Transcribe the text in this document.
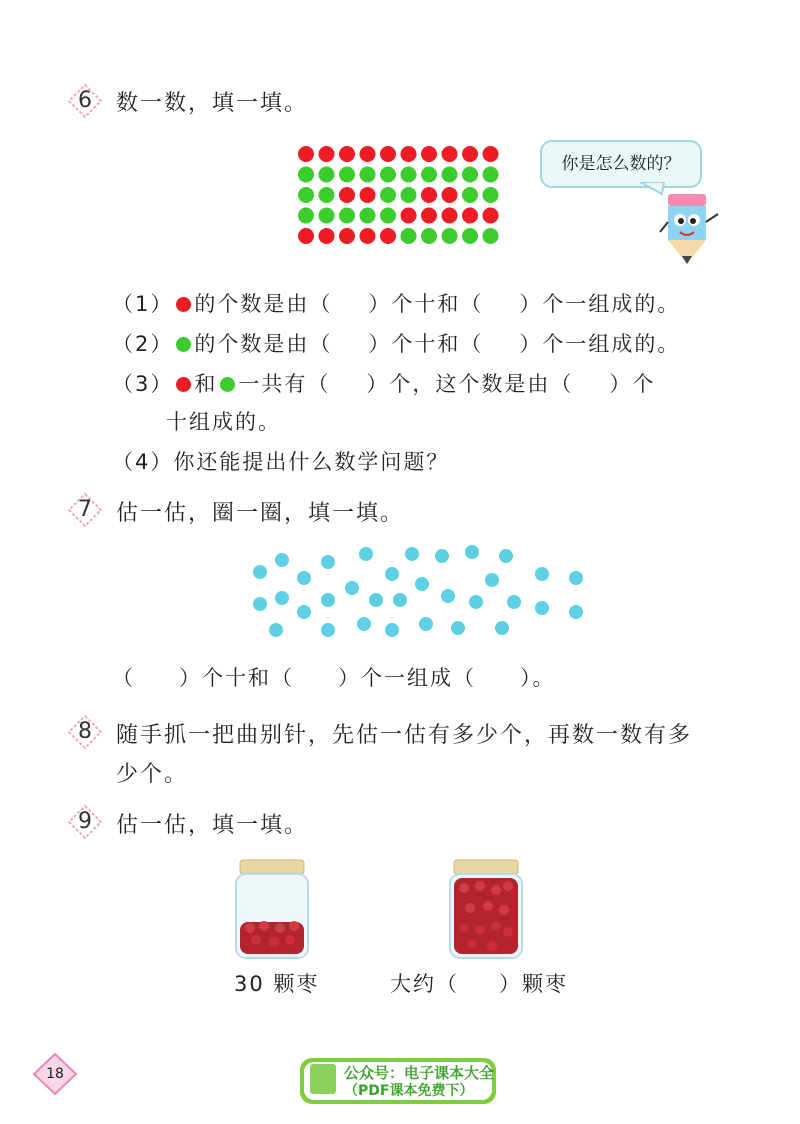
6	数一数，填一填。
你是怎么数的？
（1） 的个数是由（ ）个十和（ ）个一组成的。
（2） 的个数是由（ ）个十和（ ）个一组成的。
（3） 和 一共有（ ）个，这个数是由（ ）个
十组成的。
（4）你还能提出什么数学问题？
7	估一估，圈一圈，填一填。
（ ）个十和（ ）个一组成（ ）。
8	随手抓一把曲别针，先估一估有多少个，再数一数有多
少个。
9	估一估，填一填。
30 颗枣	大约（ ）颗枣
18	公众号：电子课本大全
（PDF课本免费下）
